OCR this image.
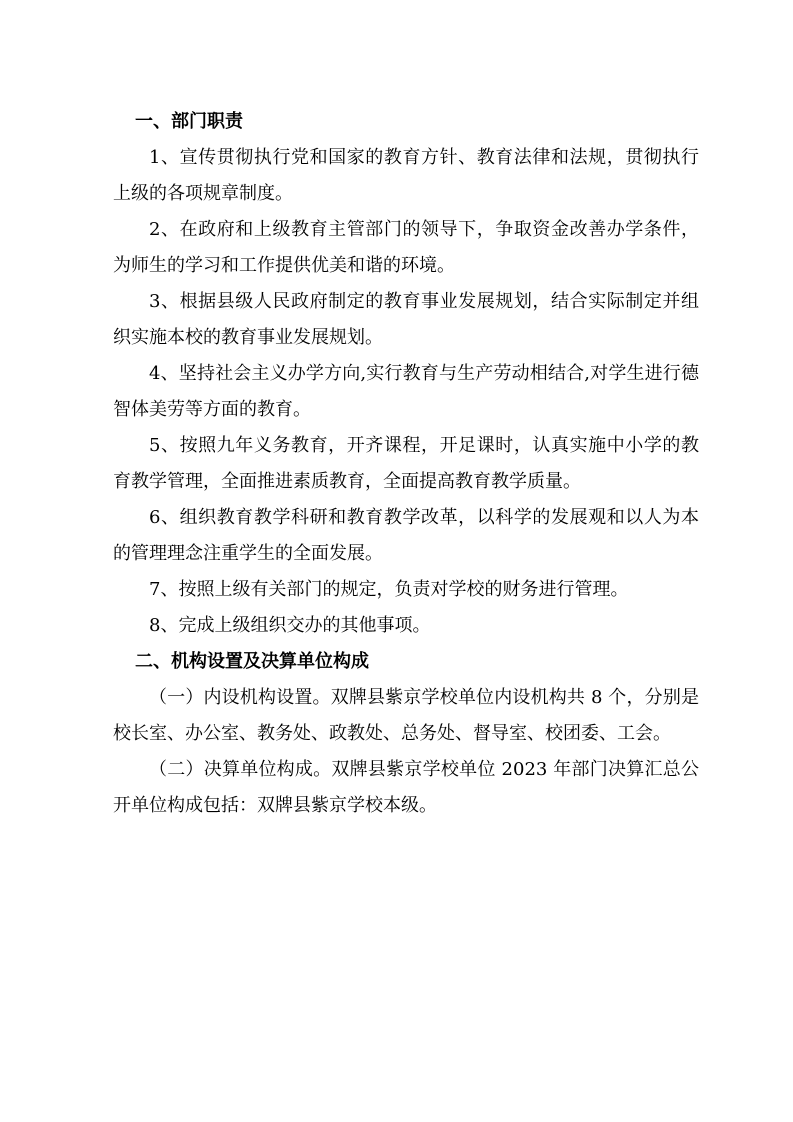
一、部门职责

1、宣传贯彻执行党和国家的教育方针、教育法律和法规，贯彻执行上级的各项规章制度。

2、在政府和上级教育主管部门的领导下，争取资金改善办学条件，为师生的学习和工作提供优美和谐的环境。

3、根据县级人民政府制定的教育事业发展规划，结合实际制定并组织实施本校的教育事业发展规划。

4、坚持社会主义办学方向,实行教育与生产劳动相结合,对学生进行德智体美劳等方面的教育。

5、按照九年义务教育，开齐课程，开足课时，认真实施中小学的教育教学管理，全面推进素质教育，全面提高教育教学质量。

6、组织教育教学科研和教育教学改革，以科学的发展观和以人为本的管理理念注重学生的全面发展。

7、按照上级有关部门的规定，负责对学校的财务进行管理。

8、完成上级组织交办的其他事项。

二、机构设置及决算单位构成

（一）内设机构设置。双牌县紫京学校单位内设机构共 8 个，分别是校长室、办公室、教务处、政教处、总务处、督导室、校团委、工会。

（二）决算单位构成。双牌县紫京学校单位 2023 年部门决算汇总公开单位构成包括：双牌县紫京学校本级。
